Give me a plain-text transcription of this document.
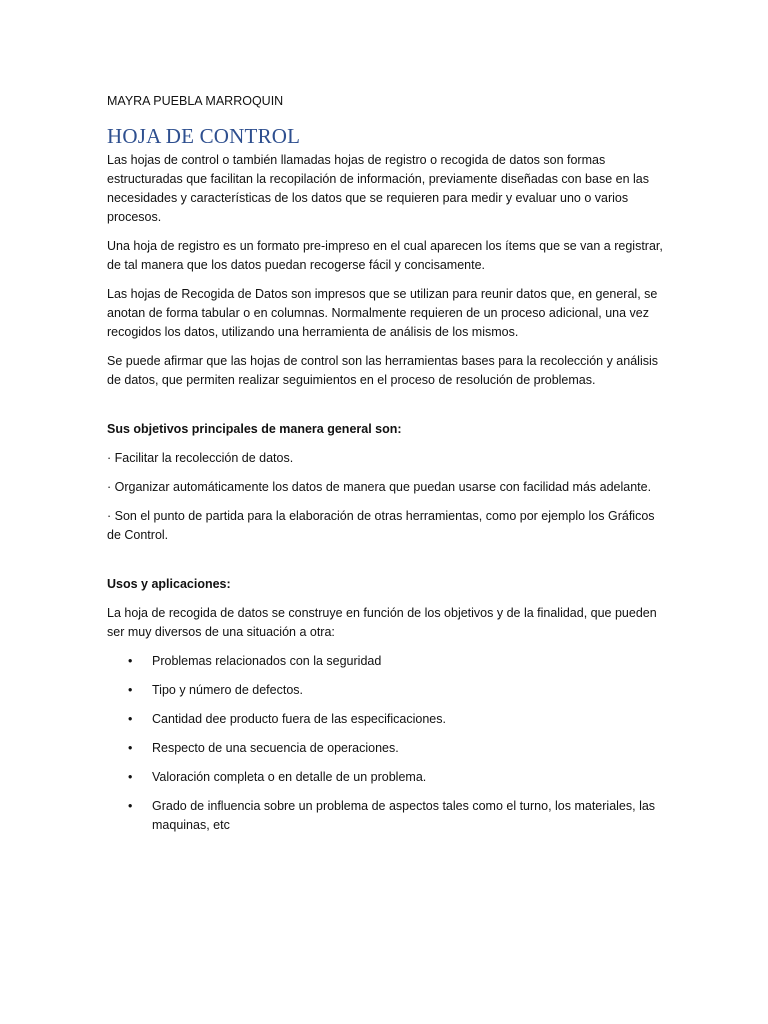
MAYRA PUEBLA MARROQUIN
HOJA DE CONTROL

Las hojas de control o también llamadas hojas de registro o recogida de datos son formas estructuradas que facilitan la recopilación de información, previamente diseñadas con base en las necesidades y características de los datos que se requieren para medir y evaluar uno o varios procesos.

Una hoja de registro es un formato pre-impreso en el cual aparecen los ítems que se van a registrar, de tal manera que los datos puedan recogerse fácil y concisamente.

Las hojas de Recogida de Datos son impresos que se utilizan para reunir datos que, en general, se anotan de forma tabular o en columnas. Normalmente requieren de un proceso adicional, una vez recogidos los datos, utilizando una herramienta de análisis de los mismos.

Se puede afirmar que las hojas de control son las herramientas bases para la recolección y análisis de datos, que permiten realizar seguimientos en el proceso de resolución de problemas.

Sus objetivos principales de manera general son:

· Facilitar la recolección de datos.

· Organizar automáticamente los datos de manera que puedan usarse con facilidad más adelante.

· Son el punto de partida para la elaboración de otras herramientas, como por ejemplo los Gráficos de Control.

Usos y aplicaciones:

La hoja de recogida de datos se construye en función de los objetivos y de la finalidad, que pueden ser muy diversos de una situación a otra:

• Problemas relacionados con la seguridad
• Tipo y número de defectos.
• Cantidad dee producto fuera de las especificaciones.
• Respecto de una secuencia de operaciones.
• Valoración completa o en detalle de un problema.
• Grado de influencia sobre un problema de aspectos tales como el turno, los materiales, las maquinas, etc
